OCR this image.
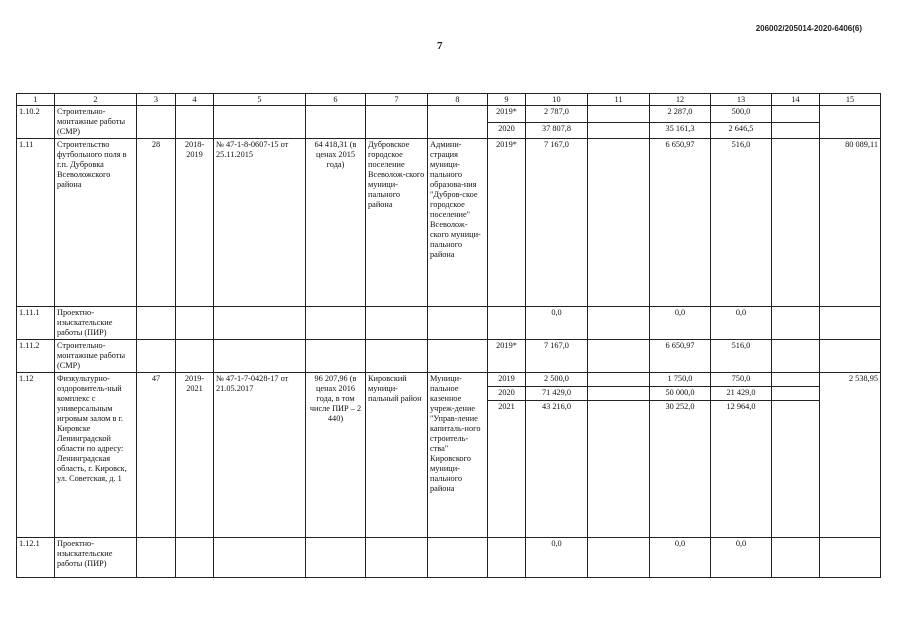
206002/205014-2020-6406(6)
7
1	2	3	4	5	6	7	8	9	10	11	12	13	14	15
1.10.2	Строительно-монтажные работы (СМР)							2019*	2 787,0		2 287,0	500,0		
								2020	37 807,8		35 161,3	2 646,5		
1.11	Строительство футбольного поля в г.п. Дубровка Всеволожского района	28	2018-2019	№ 47-1-8-0607-15 от 25.11.2015	64 418,31 (в ценах 2015 года)	Дубровское городское поселение Всеволож-ского муници-пального района	Админи-страция муници-пального образова-ния "Дубров-ское городское поселение" Всеволож-ского муници-пального района	2019*	7 167,0		6 650,97	516,0		80 089,11
1.11.1	Проектно-изыскательские работы (ПИР)								0,0		0,0	0,0		
1.11.2	Строительно-монтажные работы (СМР)							2019*	7 167,0		6 650,97	516,0		
1.12	Физкультурно-оздоровитель-ный комплекс с универсальным игровым залом в г. Кировске Ленинградской области по адресу: Ленинградская область, г. Кировск, ул. Советская, д. 1	47	2019-2021	№ 47-1-7-0428-17 от 21.05.2017	96 207,96 (в ценах 2016 года, в том числе ПИР – 2 440)	Кировский муници-пальный район	Муници-пальное казенное учреж-дение "Управ-ление капиталь-ного строитель-ства" Кировского муници-пального района	2019	2 500,0		1 750,0	750,0		2 538,95
								2020	71 429,0		50 000,0	21 429,0		
								2021	43 216,0		30 252,0	12 964,0		
1.12.1	Проектно-изыскательские работы (ПИР)								0,0		0,0	0,0		
